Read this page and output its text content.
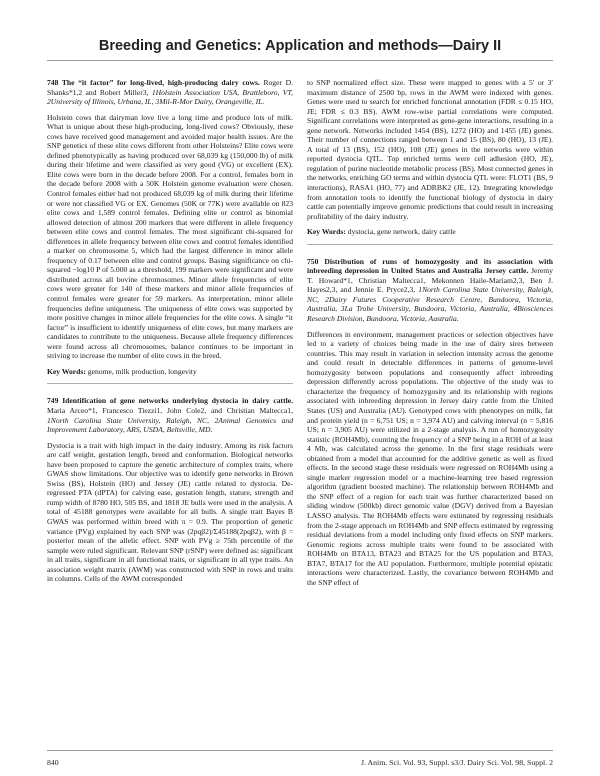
Breeding and Genetics: Application and methods—Dairy II

748 The “it factor” for long-lived, high-producing dairy cows. Roger D. Shanks*1,2 and Robert Miller3, 1Holstein Association USA, Brattleboro, VT, 2University of Illinois, Urbana, IL, 3Mil-R-Mor Dairy, Orangeville, IL.

Holstein cows that dairyman love live a long time and produce lots of milk. What is unique about these high-producing, long-lived cows? Obviously, these cows have received good management and avoided major health issues. Are the SNP genetics of these elite cows different from other Holsteins? Elite cows were defined phenotypically as having produced over 68,039 kg (150,000 lb) of milk during their lifetime and were classified as very good (VG) or excellent (EX). Elite cows were born in the decade before 2008. For a control, females born in the decade before 2008 with a 50K Holstein genome evaluation were chosen. Control females either had not produced 68,039 kg of milk during their lifetime or were not classified VG or EX. Genomes (50K or 77K) were available on 823 elite cows and 1,589 control females. Defining elite or control as binomial allowed detection of almost 200 markers that were different in allele frequency between elite cows and control females. The most significant chi-squared for differences in allele frequency between elite cows and control females identified a marker on chromosome 5, which had the largest difference in minor allele frequency of 0.17 between elite and control groups. Basing significance on chi-squared −log10 P of 5.000 as a threshold, 199 markers were significant and were distributed across all bovine chromosomes. Minor allele frequencies of elite cows were greater for 140 of these markers and minor allele frequencies of control females were greater for 59 markers. As interpretation, minor allele frequencies define uniqueness. The uniqueness of elite cows was supported by more positive changes in minor allele frequencies for the elite cows. A single “it factor” is insufficient to identify uniqueness of elite cows, but many markers are candidates to contribute to the uniqueness. Because allele frequency differences were found across all chromosomes, balance continues to be important in striving to increase the number of elite cows in the breed.

Key Words: genome, milk production, longevity

749 Identification of gene networks underlying dystocia in dairy cattle. Maria Arceo*1, Francesco Tiezzi1, John Cole2, and Christian Maltecca1, 1North Carolina State University, Raleigh, NC, 2Animal Genomics and Improvement Laboratory, ARS, USDA, Beltsville, MD.

Dystocia is a trait with high impact in the dairy industry. Among its risk factors are calf weight, gestation length, breed and conformation. Biological networks have been proposed to capture the genetic architecture of complex traits, where GWAS show limitations. Our objective was to identify gene networks in Brown Swiss (BS), Holstein (HO) and Jersey (JE) cattle related to dystocia. De-regressed PTA (dPTA) for calving ease, gestation length, stature, strength and rump width of 8780 HO, 505 BS, and 1818 JE bulls were used in the analysis. A total of 45188 genotypes were available for all bulls. A single trait Bayes B GWAS was performed within breed with π = 0.9. The proportion of genetic variance (PVg) explained by each SNP was (2pqβ2)/Σ45188(2pqβ2), with β = posterior mean of the allelic effect. SNP with PVg ≥ 75th percentile of the sample were ruled significant. Relevant SNP (rSNP) were defined as: significant in all traits, significant in all functional traits, or significant in all type traits. An association weight matrix (AWM) was constructed with SNP in rows and traits in columns. Cells of the AWM corresponded

to SNP normalized effect size. These were mapped to genes with a 5′ or 3′ maximum distance of 2500 bp, rows in the AWM were indexed with genes. Genes were used to search for enriched functional annotation (FDR ≤ 0.15 HO, JE; FDR ≤ 0.3 BS). AWM row-wise partial correlations were computed. Significant correlations were interpreted as gene-gene interactions, resulting in a gene network. Networks included 1454 (BS), 1272 (HO) and 1455 (JE) genes. Their number of connections ranged between 1 and 15 (BS), 80 (HO), 13 (JE). A total of 13 (BS), 152 (HO), 108 (JE) genes in the networks were within reported dystocia QTL. Top enriched terms were cell adhesion (HO, JE), regulation of purine nucleotide metabolic process (BS). Most connected genes in the networks, enriching GO terms and within dystocia QTL were: FLOT1 (BS, 9 interactions), RASA1 (HO, 77) and ADRBK2 (JE, 12). Integrating knowledge from annotation tools to identify the functional biology of dystocia in dairy cattle can potentially improve genomic predictions that could result in increasing profitability of the dairy industry.

Key Words: dystocia, gene network, dairy cattle

750 Distribution of runs of homozygosity and its association with inbreeding depression in United States and Australia Jersey cattle. Jeremy T. Howard*1, Christian Maltecca1, Mekonnen Haile-Mariam2,3, Ben J. Hayes2,3, and Jennie E. Pryce2,3, 1North Carolina State University, Raleigh, NC, 2Dairy Futures Cooperative Research Centre, Bundoora, Victoria, Australia, 3La Trobe University, Bundoora, Victoria, Australia, 4Biosciences Research Division, Bundoora, Victoria, Australia.

Differences in environment, management practices or selection objectives have led to a variety of choices being made in the use of dairy sires between countries. This may result in variation in selection intensity across the genome and could result in detectable differences in patterns of genome-level homozygosity between populations and consequently affect inbreeding depression differently across populations. The objective of the study was to characterize the frequency of homozygosity and its relationship with regions associated with inbreeding depression in Jersey dairy cattle from the United States (US) and Australia (AU). Genotyped cows with phenotypes on milk, fat and protein yield (n = 6,751 US; n = 3,974 AU) and calving interval (n = 5,816 US; n = 3,905 AU) were utilized in a 2-stage analysis. A run of homozygosity statistic (ROH4Mb), counting the frequency of a SNP being in a ROH of at least 4 Mb, was calculated across the genome. In the first stage residuals were obtained from a model that accounted for the additive genetic as well as fixed effects. In the second stage these residuals were regressed on ROH4Mb using a single marker regression model or a machine-learning tree based regression algorithm (gradient boosted machine). The relationship between ROH4Mb and the SNP effect of a region for each trait was further characterized based on sliding window (500kb) direct genomic value (DGV) derived from a Bayesian LASSO analysis. The ROH4Mb effects were estimated by regressing residuals from the 2-stage approach on ROH4Mb and SNP effects estimated by regressing residual deviations from a model including only fixed effects on SNP markers. Genomic regions across multiple traits were found to be associated with ROH4Mb on BTA13, BTA23 and BTA25 for the US population and BTA3, BTA7, BTA17 for the AU population. Furthermore, multiple potential epistatic interactions were characterized. Lastly, the covariance between ROH4Mb and the SNP effect of

840	J. Anim. Sci. Vol. 93, Suppl. s3/J. Dairy Sci. Vol. 98, Suppl. 2
